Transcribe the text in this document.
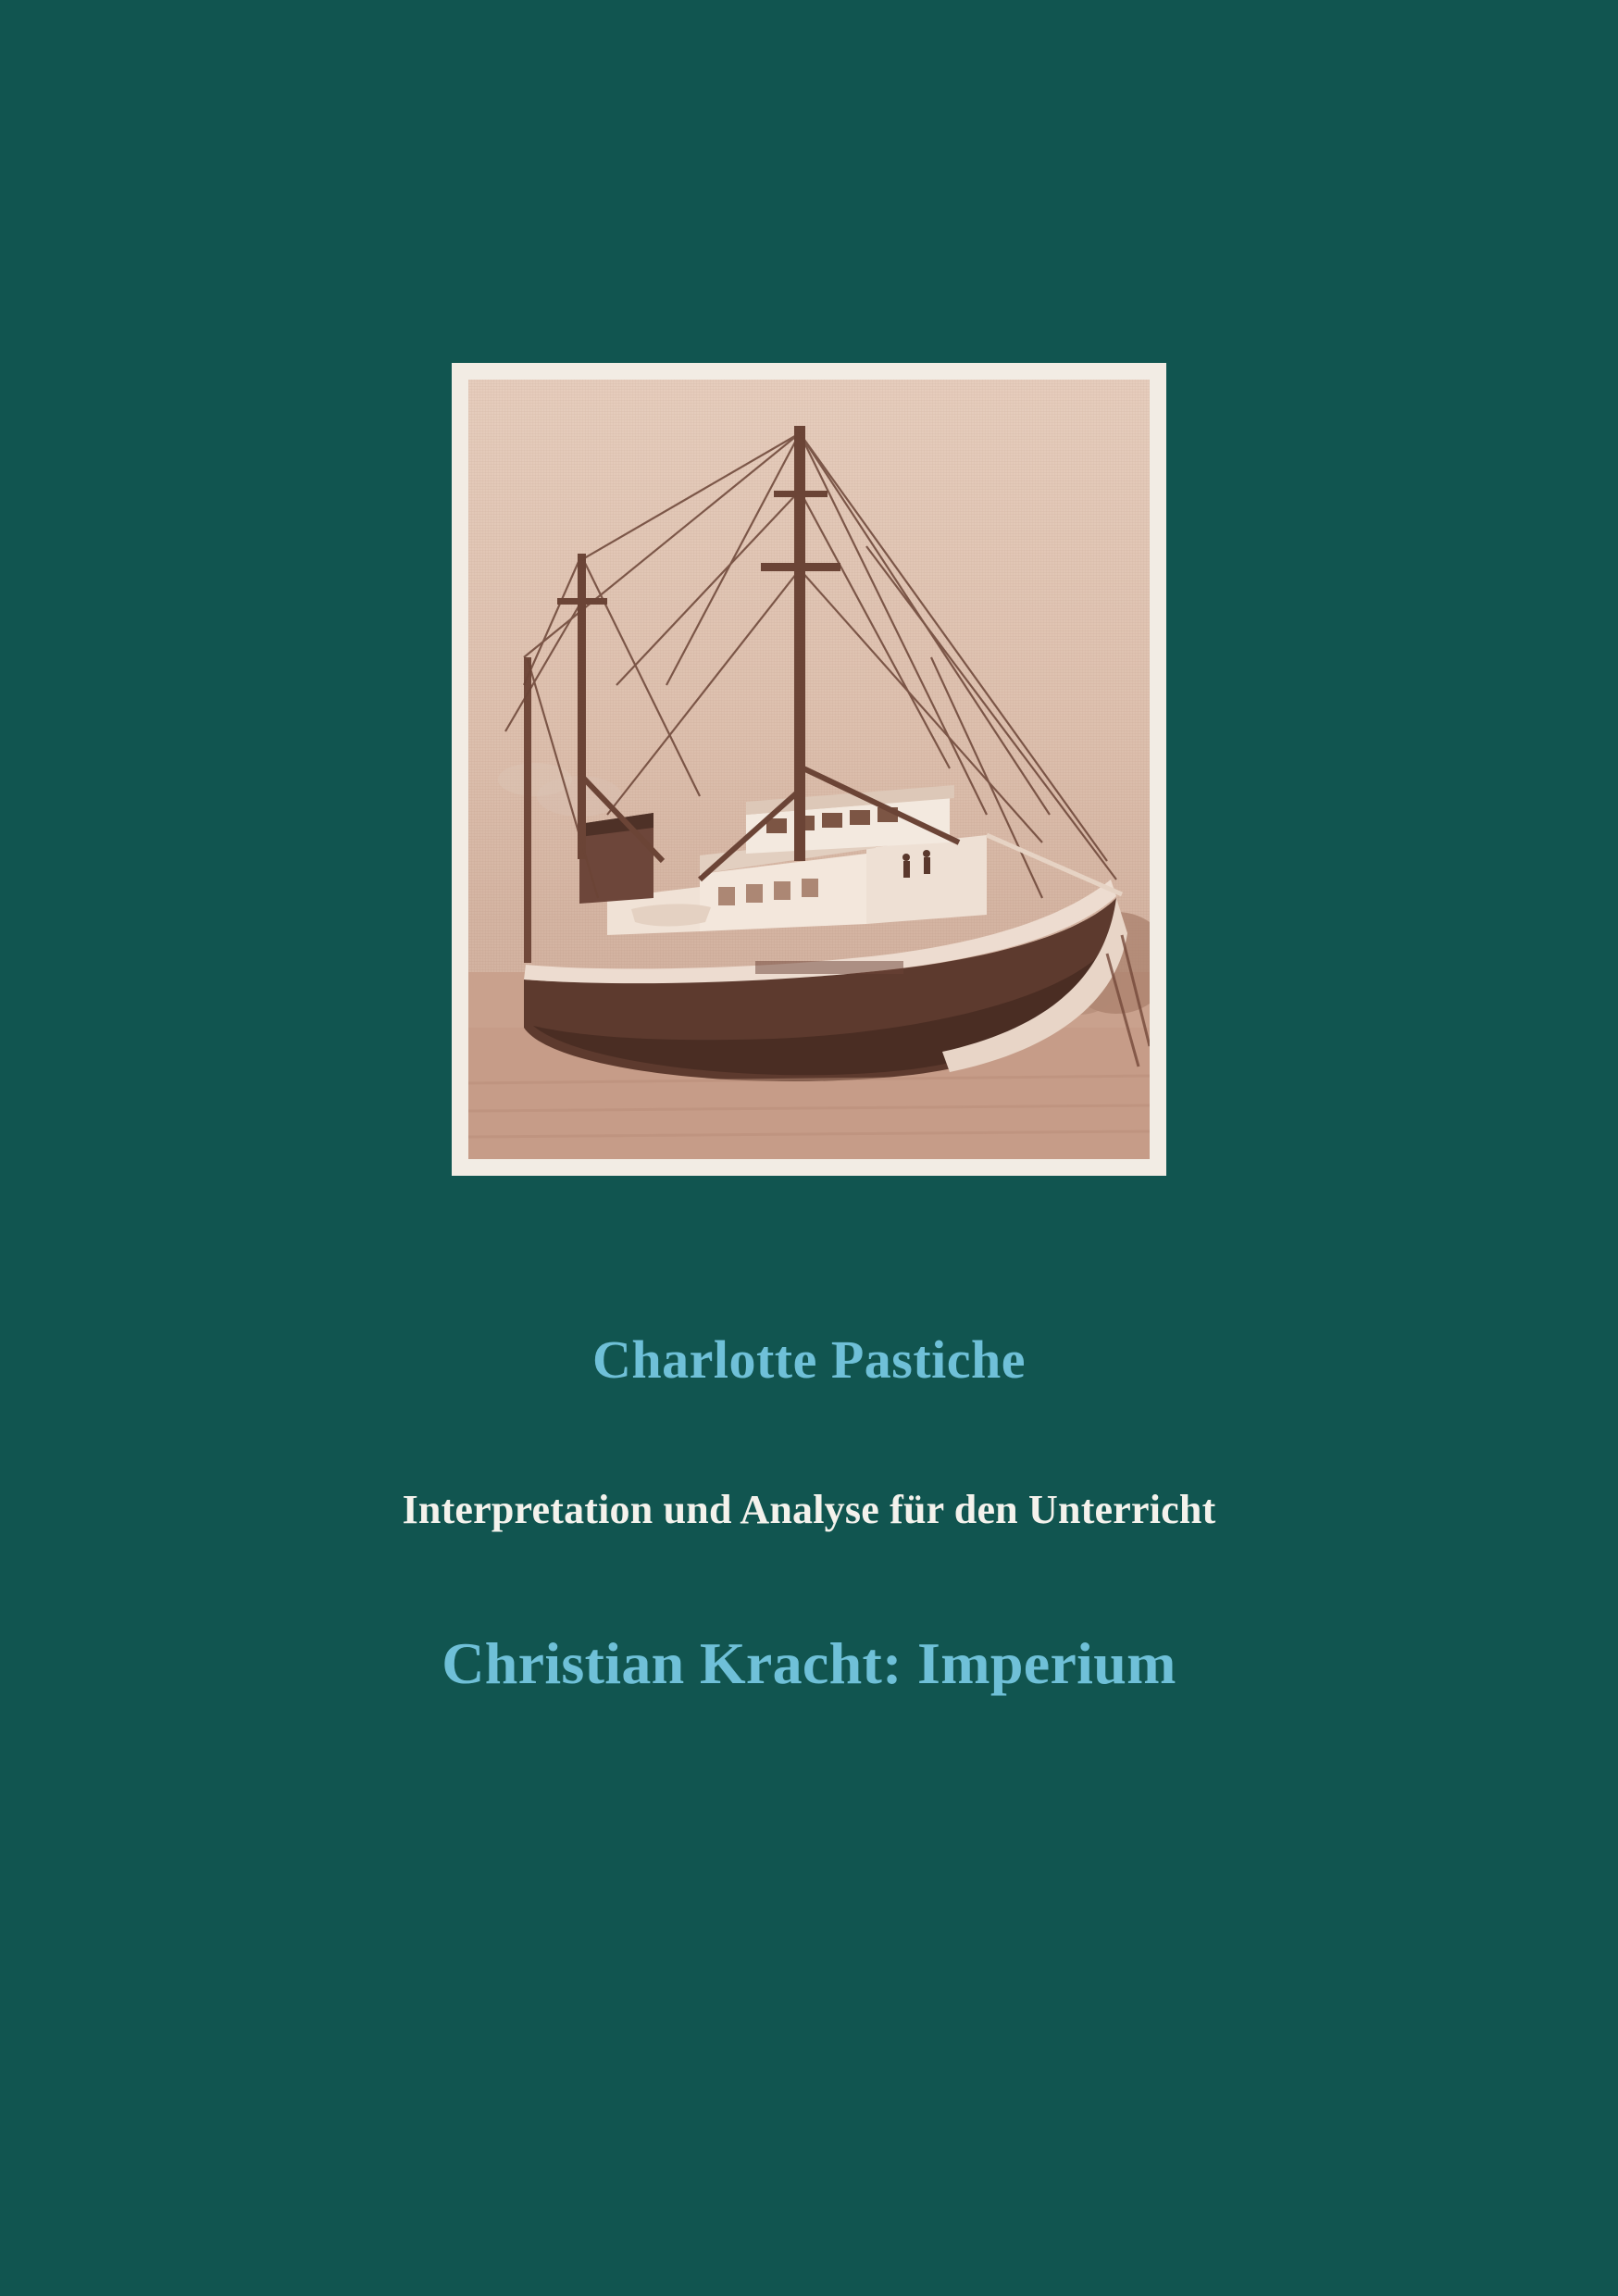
Charlotte Pastiche
Interpretation und Analyse für den Unterricht
Christian Kracht: Imperium
